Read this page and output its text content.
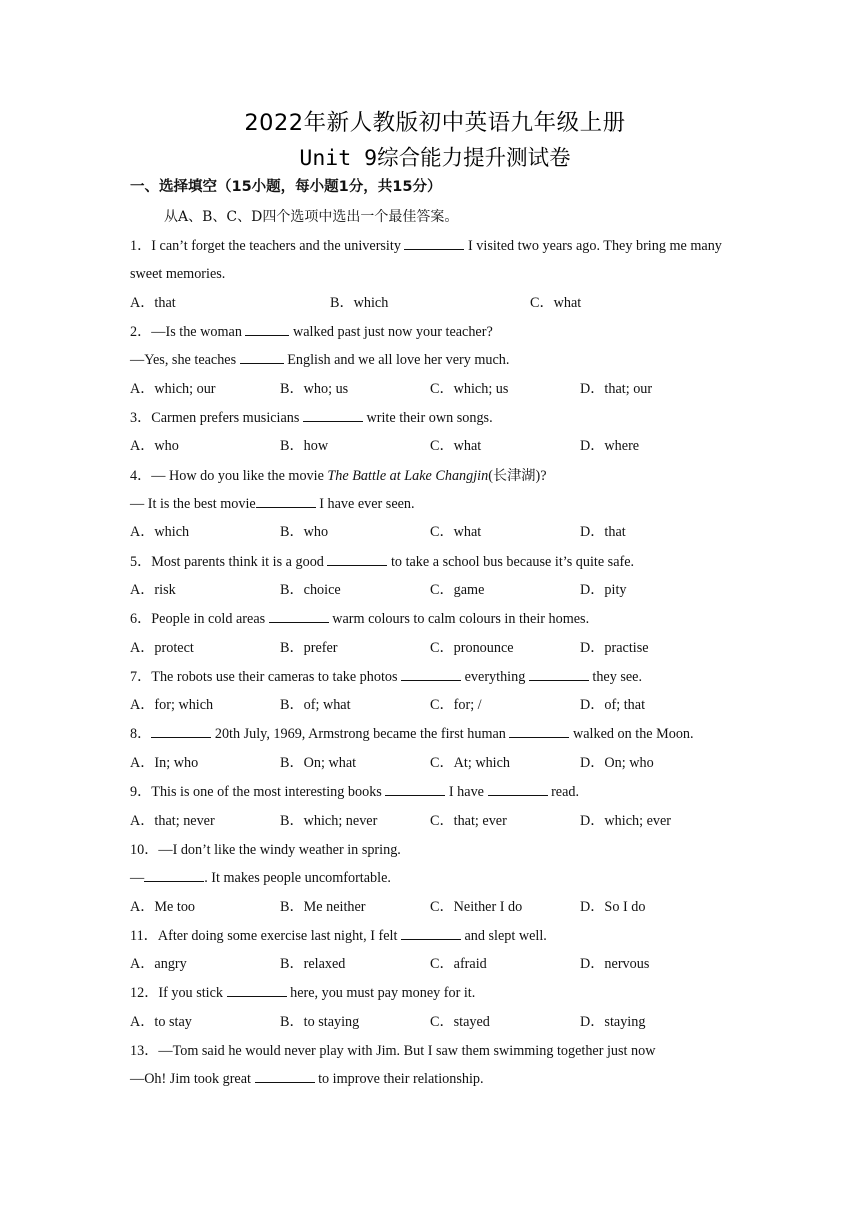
2022年新人教版初中英语九年级上册
Unit 9综合能力提升测试卷
一、选择填空（15小题，每小题1分，共15分）
从A、B、C、D四个选项中选出一个最佳答案。
1．I can’t forget the teachers and the university	I visited two years ago. They bring me many sweet memories.
A．that	B．which	C．what
2．—Is the woman	walked past just now your teacher?
—Yes, she teaches	English and we all love her very much.
A．which; our	B．who; us	C．which; us	D．that; our
3．Carmen prefers musicians	write their own songs.
A．who	B．how	C．what	D．where
4．— How do you like the movie The Battle at Lake Changjin(长津湖)?
— It is the best movie	I have ever seen.
A．which	B．who	C．what	D．that
5．Most parents think it is a good	to take a school bus because it’s quite safe.
A．risk	B．choice	C．game	D．pity
6．People in cold areas	warm colours to calm colours in their homes.
A．protect	B．prefer	C．pronounce	D．practise
7．The robots use their cameras to take photos	everything	they see.
A．for; which	B．of; what	C．for; /	D．of; that
8．	20th July, 1969, Armstrong became the first human	walked on the Moon.
A．In; who	B．On; what	C．At; which	D．On; who
9．This is one of the most interesting books	I have	read.
A．that; never	B．which; never	C．that; ever	D．which; ever
10．—I don’t like the windy weather in spring.
—	. It makes people uncomfortable.
A．Me too	B．Me neither	C．Neither I do	D．So I do
11．After doing some exercise last night, I felt	and slept well.
A．angry	B．relaxed	C．afraid	D．nervous
12．If you stick	here, you must pay money for it.
A．to stay	B．to staying	C．stayed	D．staying
13．—Tom said he would never play with Jim. But I saw them swimming together just now
—Oh! Jim took great	to improve their relationship.
